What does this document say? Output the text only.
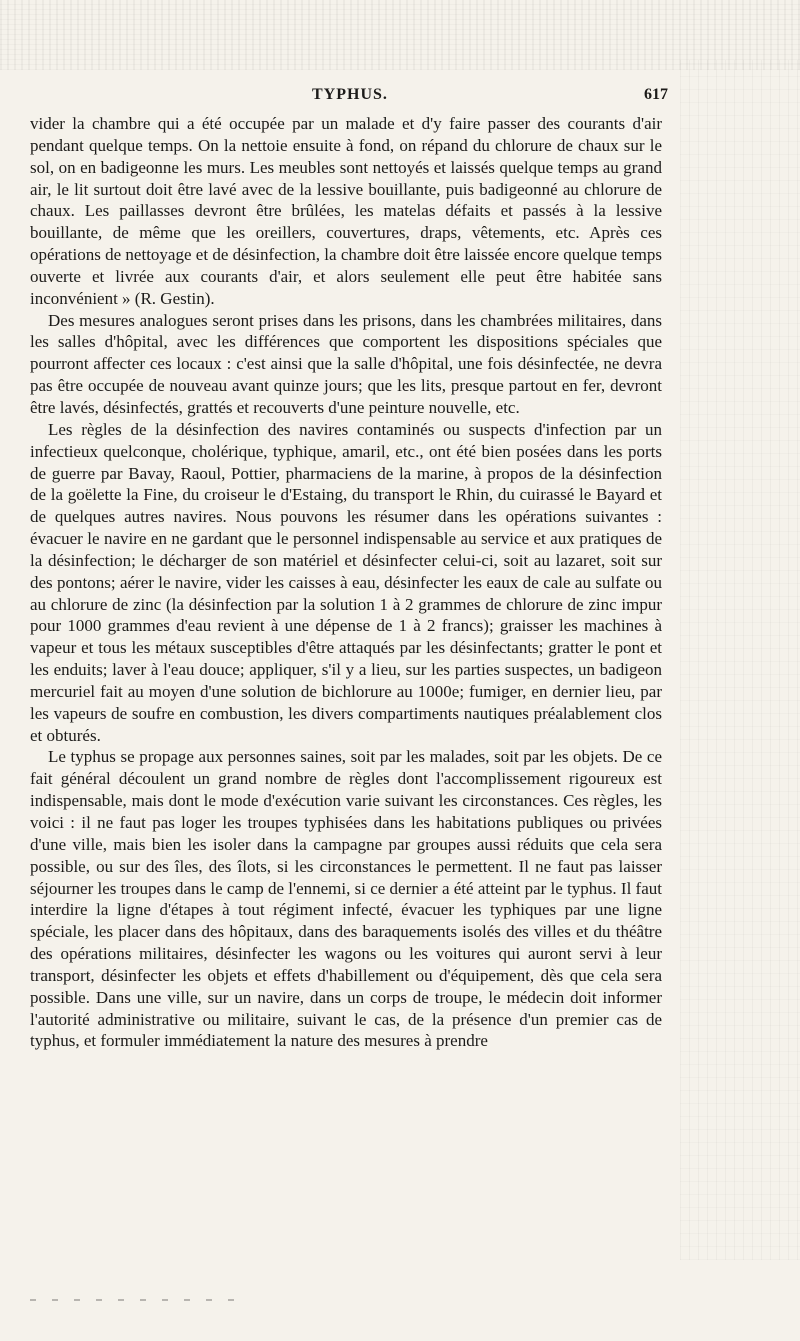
TYPHUS.	617

vider la chambre qui a été occupée par un malade et d'y faire passer des courants d'air pendant quelque temps. On la nettoie ensuite à fond, on répand du chlorure de chaux sur le sol, on en badigeonne les murs. Les meubles sont nettoyés et laissés quelque temps au grand air, le lit surtout doit être lavé avec de la lessive bouillante, puis badigeonné au chlorure de chaux. Les paillasses devront être brûlées, les matelas défaits et passés à la lessive bouillante, de même que les oreillers, couvertures, draps, vêtements, etc. Après ces opérations de nettoyage et de désinfection, la chambre doit être laissée encore quelque temps ouverte et livrée aux courants d'air, et alors seulement elle peut être habitée sans inconvénient » (R. Gestin).

Des mesures analogues seront prises dans les prisons, dans les chambrées militaires, dans les salles d'hôpital, avec les différences que comportent les dispositions spéciales que pourront affecter ces locaux : c'est ainsi que la salle d'hôpital, une fois désinfectée, ne devra pas être occupée de nouveau avant quinze jours; que les lits, presque partout en fer, devront être lavés, désinfectés, grattés et recouverts d'une peinture nouvelle, etc.

Les règles de la désinfection des navires contaminés ou suspects d'infection par un infectieux quelconque, cholérique, typhique, amaril, etc., ont été bien posées dans les ports de guerre par Bavay, Raoul, Pottier, pharmaciens de la marine, à propos de la désinfection de la goëlette la Fine, du croiseur le d'Estaing, du transport le Rhin, du cuirassé le Bayard et de quelques autres navires. Nous pouvons les résumer dans les opérations suivantes : évacuer le navire en ne gardant que le personnel indispensable au service et aux pratiques de la désinfection; le décharger de son matériel et désinfecter celui-ci, soit au lazaret, soit sur des pontons; aérer le navire, vider les caisses à eau, désinfecter les eaux de cale au sulfate ou au chlorure de zinc (la désinfection par la solution 1 à 2 grammes de chlorure de zinc impur pour 1000 grammes d'eau revient à une dépense de 1 à 2 francs); graisser les machines à vapeur et tous les métaux susceptibles d'être attaqués par les désinfectants; gratter le pont et les enduits; laver à l'eau douce; appliquer, s'il y a lieu, sur les parties suspectes, un badigeon mercuriel fait au moyen d'une solution de bichlorure au 1000e; fumiger, en dernier lieu, par les vapeurs de soufre en combustion, les divers compartiments nautiques préalablement clos et obturés.

Le typhus se propage aux personnes saines, soit par les malades, soit par les objets. De ce fait général découlent un grand nombre de règles dont l'accomplissement rigoureux est indispensable, mais dont le mode d'exécution varie suivant les circonstances. Ces règles, les voici : il ne faut pas loger les troupes typhisées dans les habitations publiques ou privées d'une ville, mais bien les isoler dans la campagne par groupes aussi réduits que cela sera possible, ou sur des îles, des îlots, si les circonstances le permettent. Il ne faut pas laisser séjourner les troupes dans le camp de l'ennemi, si ce dernier a été atteint par le typhus. Il faut interdire la ligne d'étapes à tout régiment infecté, évacuer les typhiques par une ligne spéciale, les placer dans des hôpitaux, dans des baraquements isolés des villes et du théâtre des opérations militaires, désinfecter les wagons ou les voitures qui auront servi à leur transport, désinfecter les objets et effets d'habillement ou d'équipement, dès que cela sera possible. Dans une ville, sur un navire, dans un corps de troupe, le médecin doit informer l'autorité administrative ou militaire, suivant le cas, de la présence d'un premier cas de typhus, et formuler immédiatement la nature des mesures à prendre
